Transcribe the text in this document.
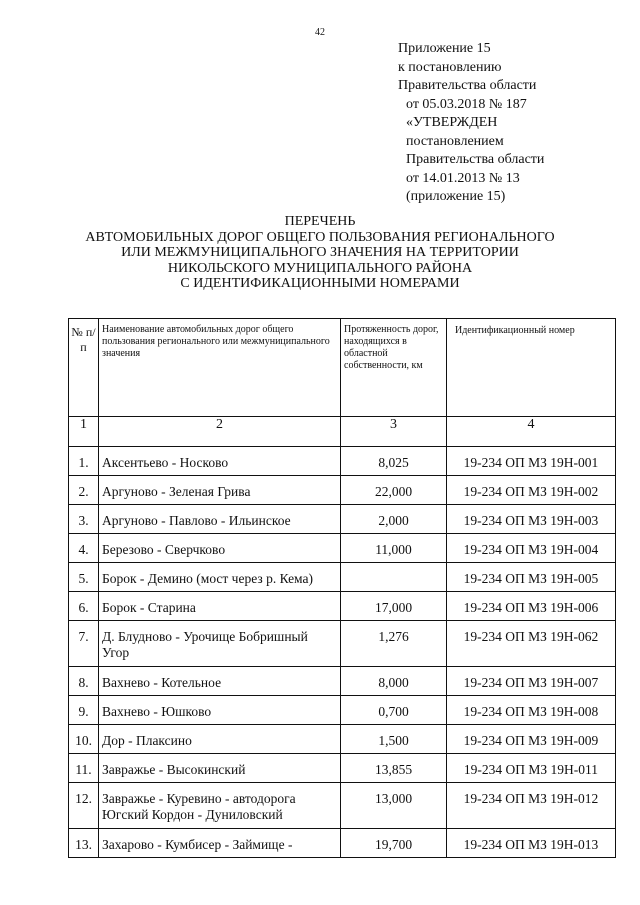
42
Приложение 15
к постановлению
Правительства области
от 05.03.2018 № 187
«УТВЕРЖДЕН
постановлением
Правительства области
от 14.01.2013 № 13
(приложение 15)
ПЕРЕЧЕНЬ
АВТОМОБИЛЬНЫХ ДОРОГ ОБЩЕГО ПОЛЬЗОВАНИЯ РЕГИОНАЛЬНОГО
ИЛИ МЕЖМУНИЦИПАЛЬНОГО ЗНАЧЕНИЯ НА ТЕРРИТОРИИ
НИКОЛЬСКОГО МУНИЦИПАЛЬНОГО РАЙОНА
С ИДЕНТИФИКАЦИОННЫМИ НОМЕРАМИ
№ п/п	Наименование автомобильных дорог общего пользования регионального или межмуниципального значения	Протяженность дорог, находящихся в областной собственности, км	Идентификационный номер
1	2	3	4
1.	Аксентьево - Носково	8,025	19-234 ОП МЗ 19Н-001
2.	Аргуново - Зеленая Грива	22,000	19-234 ОП МЗ 19Н-002
3.	Аргуново - Павлово - Ильинское	2,000	19-234 ОП МЗ 19Н-003
4.	Березово - Сверчково	11,000	19-234 ОП МЗ 19Н-004
5.	Борок - Демино (мост через р. Кема)		19-234 ОП МЗ 19Н-005
6.	Борок - Старина	17,000	19-234 ОП МЗ 19Н-006
7.	Д. Блудново - Урочище Бобришный Угор	1,276	19-234 ОП МЗ 19Н-062
8.	Вахнево - Котельное	8,000	19-234 ОП МЗ 19Н-007
9.	Вахнево - Юшково	0,700	19-234 ОП МЗ 19Н-008
10.	Дор - Плаксино	1,500	19-234 ОП МЗ 19Н-009
11.	Завражье - Высокинский	13,855	19-234 ОП МЗ 19Н-011
12.	Завражье - Куревино - автодорога Югский Кордон - Дуниловский	13,000	19-234 ОП МЗ 19Н-012
13.	Захарово - Кумбисер - Займище -	19,700	19-234 ОП МЗ 19Н-013
